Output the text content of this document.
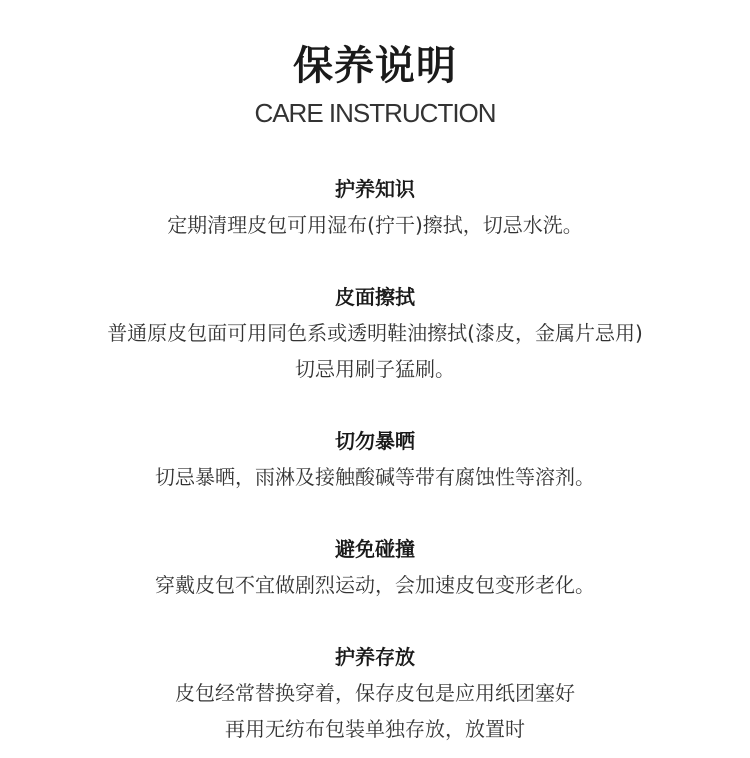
保养说明
CARE INSTRUCTION

护养知识

定期清理皮包可用湿布(拧干)擦拭，切忌水洗。

皮面擦拭

普通原皮包面可用同色系或透明鞋油擦拭(漆皮，金属片忌用)

切忌用刷子猛刷。

切勿暴晒

切忌暴晒，雨淋及接触酸碱等带有腐蚀性等溶剂。

避免碰撞

穿戴皮包不宜做剧烈运动，会加速皮包变形老化。

护养存放

皮包经常替换穿着，保存皮包是应用纸团塞好

再用无纺布包装单独存放，放置时
